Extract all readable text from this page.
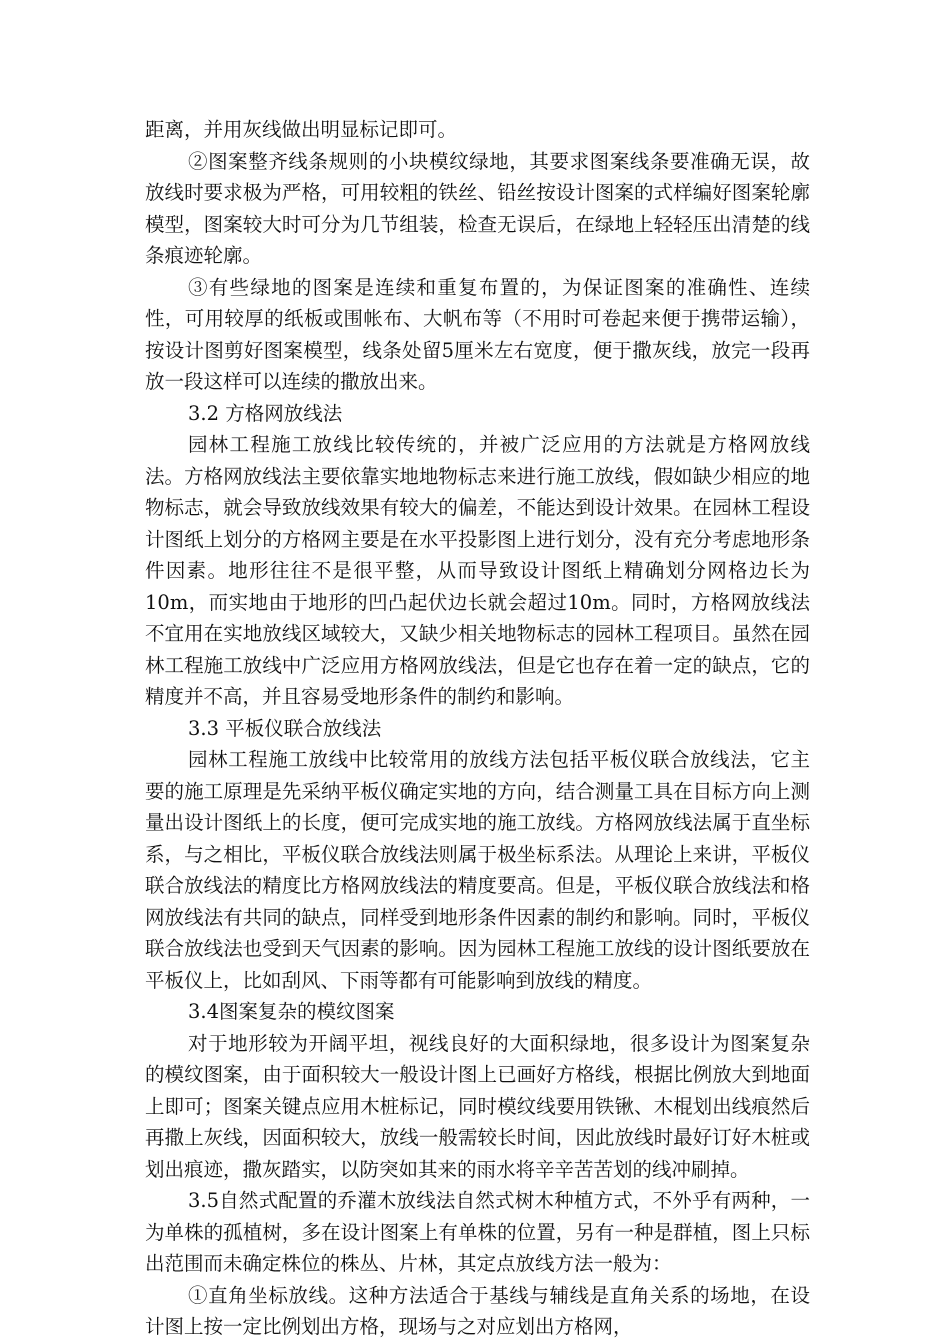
距离，并用灰线做出明显标记即可。

②图案整齐线条规则的小块模纹绿地，其要求图案线条要准确无误，故放线时要求极为严格，可用较粗的铁丝、铅丝按设计图案的式样编好图案轮廓模型，图案较大时可分为几节组装，检查无误后，在绿地上轻轻压出清楚的线条痕迹轮廓。

③有些绿地的图案是连续和重复布置的，为保证图案的准确性、连续性，可用较厚的纸板或围帐布、大帆布等（不用时可卷起来便于携带运输），按设计图剪好图案模型，线条处留5厘米左右宽度，便于撒灰线，放完一段再放一段这样可以连续的撒放出来。

3.2 方格网放线法

园林工程施工放线比较传统的，并被广泛应用的方法就是方格网放线法。方格网放线法主要依靠实地地物标志来进行施工放线，假如缺少相应的地物标志，就会导致放线效果有较大的偏差，不能达到设计效果。在园林工程设计图纸上划分的方格网主要是在水平投影图上进行划分，没有充分考虑地形条件因素。地形往往不是很平整，从而导致设计图纸上精确划分网格边长为10m，而实地由于地形的凹凸起伏边长就会超过10m。同时，方格网放线法不宜用在实地放线区域较大，又缺少相关地物标志的园林工程项目。虽然在园林工程施工放线中广泛应用方格网放线法，但是它也存在着一定的缺点，它的精度并不高，并且容易受地形条件的制约和影响。

3.3 平板仪联合放线法

园林工程施工放线中比较常用的放线方法包括平板仪联合放线法，它主要的施工原理是先采纳平板仪确定实地的方向，结合测量工具在目标方向上测量出设计图纸上的长度，便可完成实地的施工放线。方格网放线法属于直坐标系，与之相比，平板仪联合放线法则属于极坐标系法。从理论上来讲，平板仪联合放线法的精度比方格网放线法的精度要高。但是，平板仪联合放线法和格网放线法有共同的缺点，同样受到地形条件因素的制约和影响。同时，平板仪联合放线法也受到天气因素的影响。因为园林工程施工放线的设计图纸要放在平板仪上，比如刮风、下雨等都有可能影响到放线的精度。

3.4图案复杂的模纹图案

对于地形较为开阔平坦，视线良好的大面积绿地，很多设计为图案复杂的模纹图案，由于面积较大一般设计图上已画好方格线，根据比例放大到地面上即可；图案关键点应用木桩标记，同时模纹线要用铁锹、木棍划出线痕然后再撒上灰线，因面积较大，放线一般需较长时间，因此放线时最好订好木桩或划出痕迹，撒灰踏实，以防突如其来的雨水将辛辛苦苦划的线冲刷掉。

3.5自然式配置的乔灌木放线法自然式树木种植方式，不外乎有两种，一为单株的孤植树，多在设计图案上有单株的位置，另有一种是群植，图上只标出范围而未确定株位的株丛、片林，其定点放线方法一般为：

①直角坐标放线。这种方法适合于基线与辅线是直角关系的场地，在设计图上按一定比例划出方格，现场与之对应划出方格网，
